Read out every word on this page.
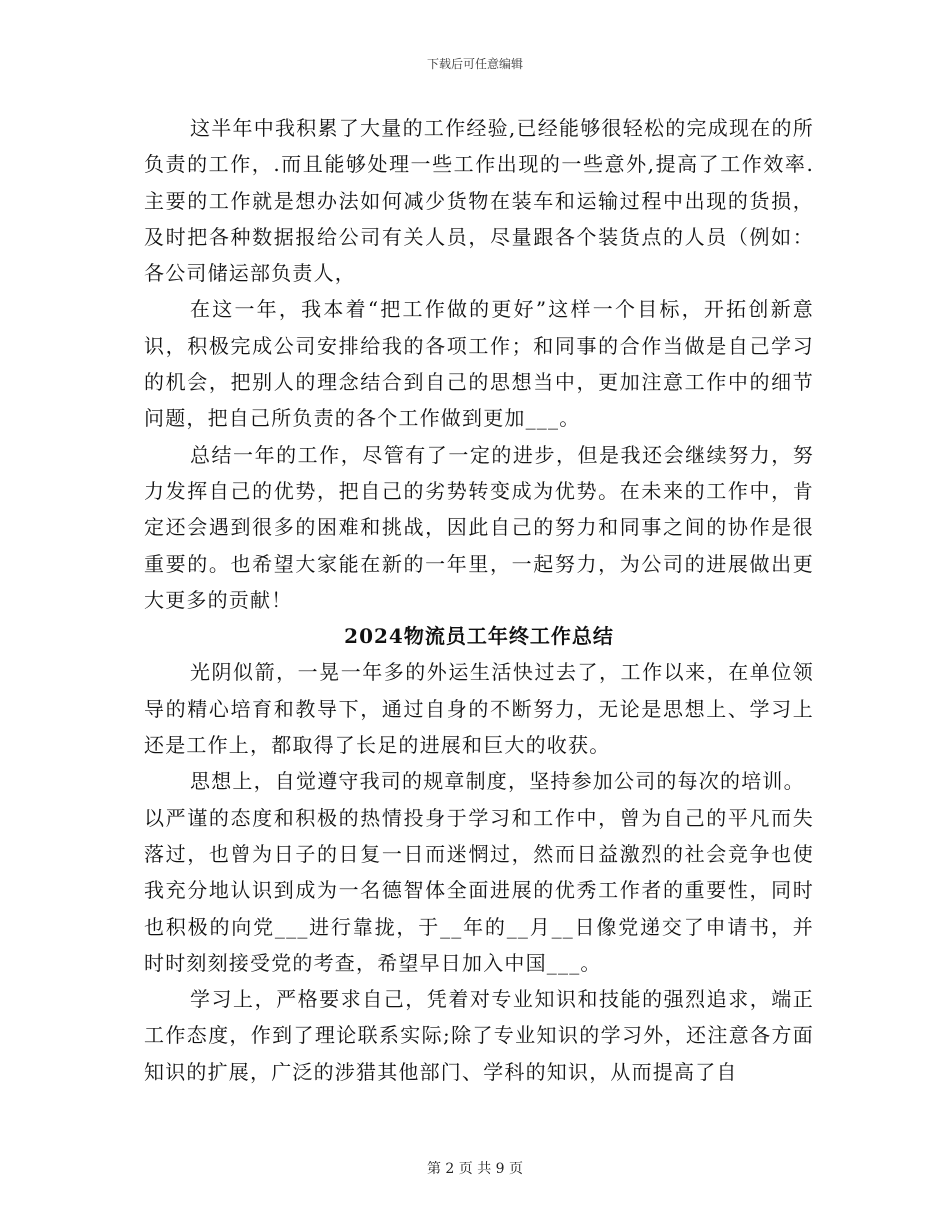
下载后可任意编辑

这半年中我积累了大量的工作经验,已经能够很轻松的完成现在的所负责的工作，.而且能够处理一些工作出现的一些意外,提高了工作效率.主要的工作就是想办法如何减少货物在装车和运输过程中出现的货损，及时把各种数据报给公司有关人员，尽量跟各个装货点的人员（例如：各公司储运部负责人，

在这一年，我本着“把工作做的更好”这样一个目标，开拓创新意识，积极完成公司安排给我的各项工作；和同事的合作当做是自己学习的机会，把别人的理念结合到自己的思想当中，更加注意工作中的细节问题，把自己所负责的各个工作做到更加___。

总结一年的工作，尽管有了一定的进步，但是我还会继续努力，努力发挥自己的优势，把自己的劣势转变成为优势。在未来的工作中，肯定还会遇到很多的困难和挑战，因此自己的努力和同事之间的协作是很重要的。也希望大家能在新的一年里，一起努力，为公司的进展做出更大更多的贡献！

2024物流员工年终工作总结

光阴似箭，一晃一年多的外运生活快过去了，工作以来，在单位领导的精心培育和教导下，通过自身的不断努力，无论是思想上、学习上还是工作上，都取得了长足的进展和巨大的收获。

思想上，自觉遵守我司的规章制度，坚持参加公司的每次的培训。

以严谨的态度和积极的热情投身于学习和工作中，曾为自己的平凡而失落过，也曾为日子的日复一日而迷惘过，然而日益激烈的社会竞争也使我充分地认识到成为一名德智体全面进展的优秀工作者的重要性，同时也积极的向党___进行靠拢，于__年的__月__日像党递交了申请书，并时时刻刻接受党的考查，希望早日加入中国___。

学习上，严格要求自己，凭着对专业知识和技能的强烈追求，端正工作态度，作到了理论联系实际;除了专业知识的学习外，还注意各方面知识的扩展，广泛的涉猎其他部门、学科的知识，从而提高了自

第 2 页 共 9 页
